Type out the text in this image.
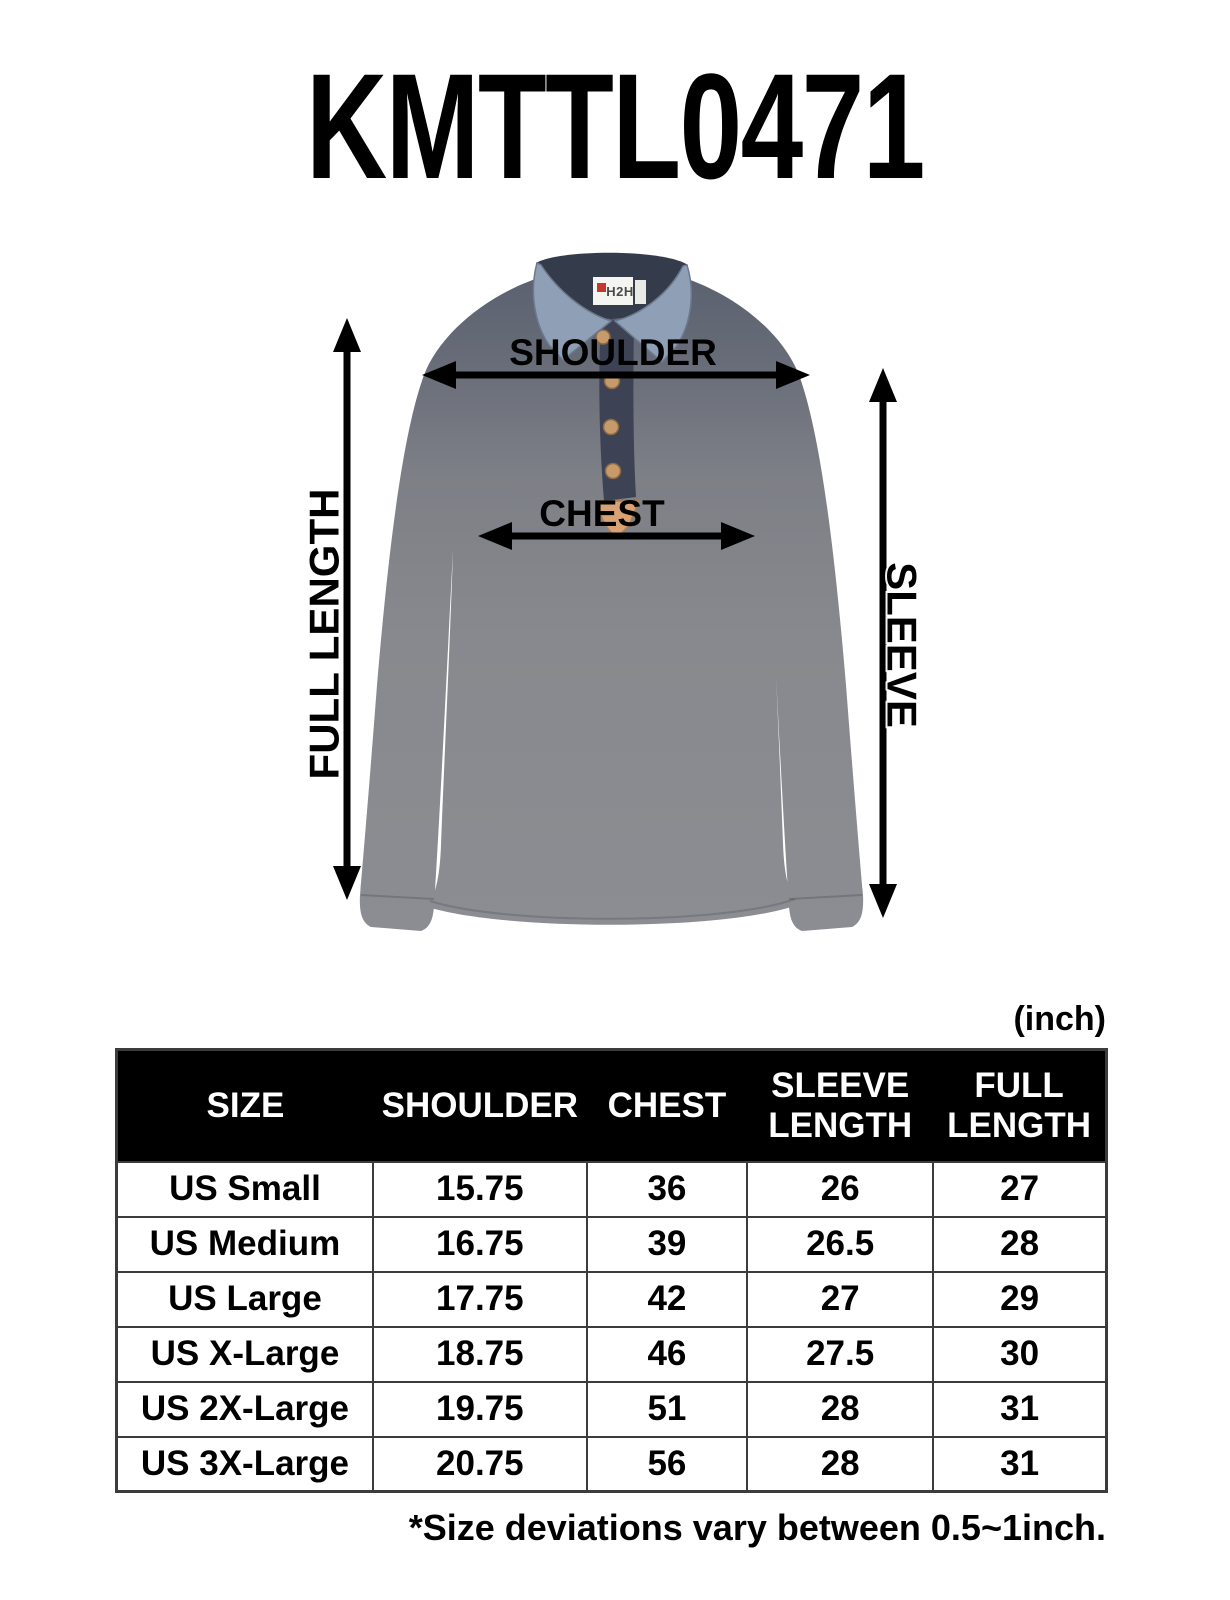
KMTTL0471
H2H
SHOULDER
CHEST
FULL LENGTH	SLEEVE
(inch)
SIZE	SHOULDER	CHEST	SLEEVE LENGTH	FULL LENGTH
US Small	15.75	36	26	27
US Medium	16.75	39	26.5	28
US Large	17.75	42	27	29
US X-Large	18.75	46	27.5	30
US 2X-Large	19.75	51	28	31
US 3X-Large	20.75	56	28	31
*Size deviations vary between 0.5~1inch.
